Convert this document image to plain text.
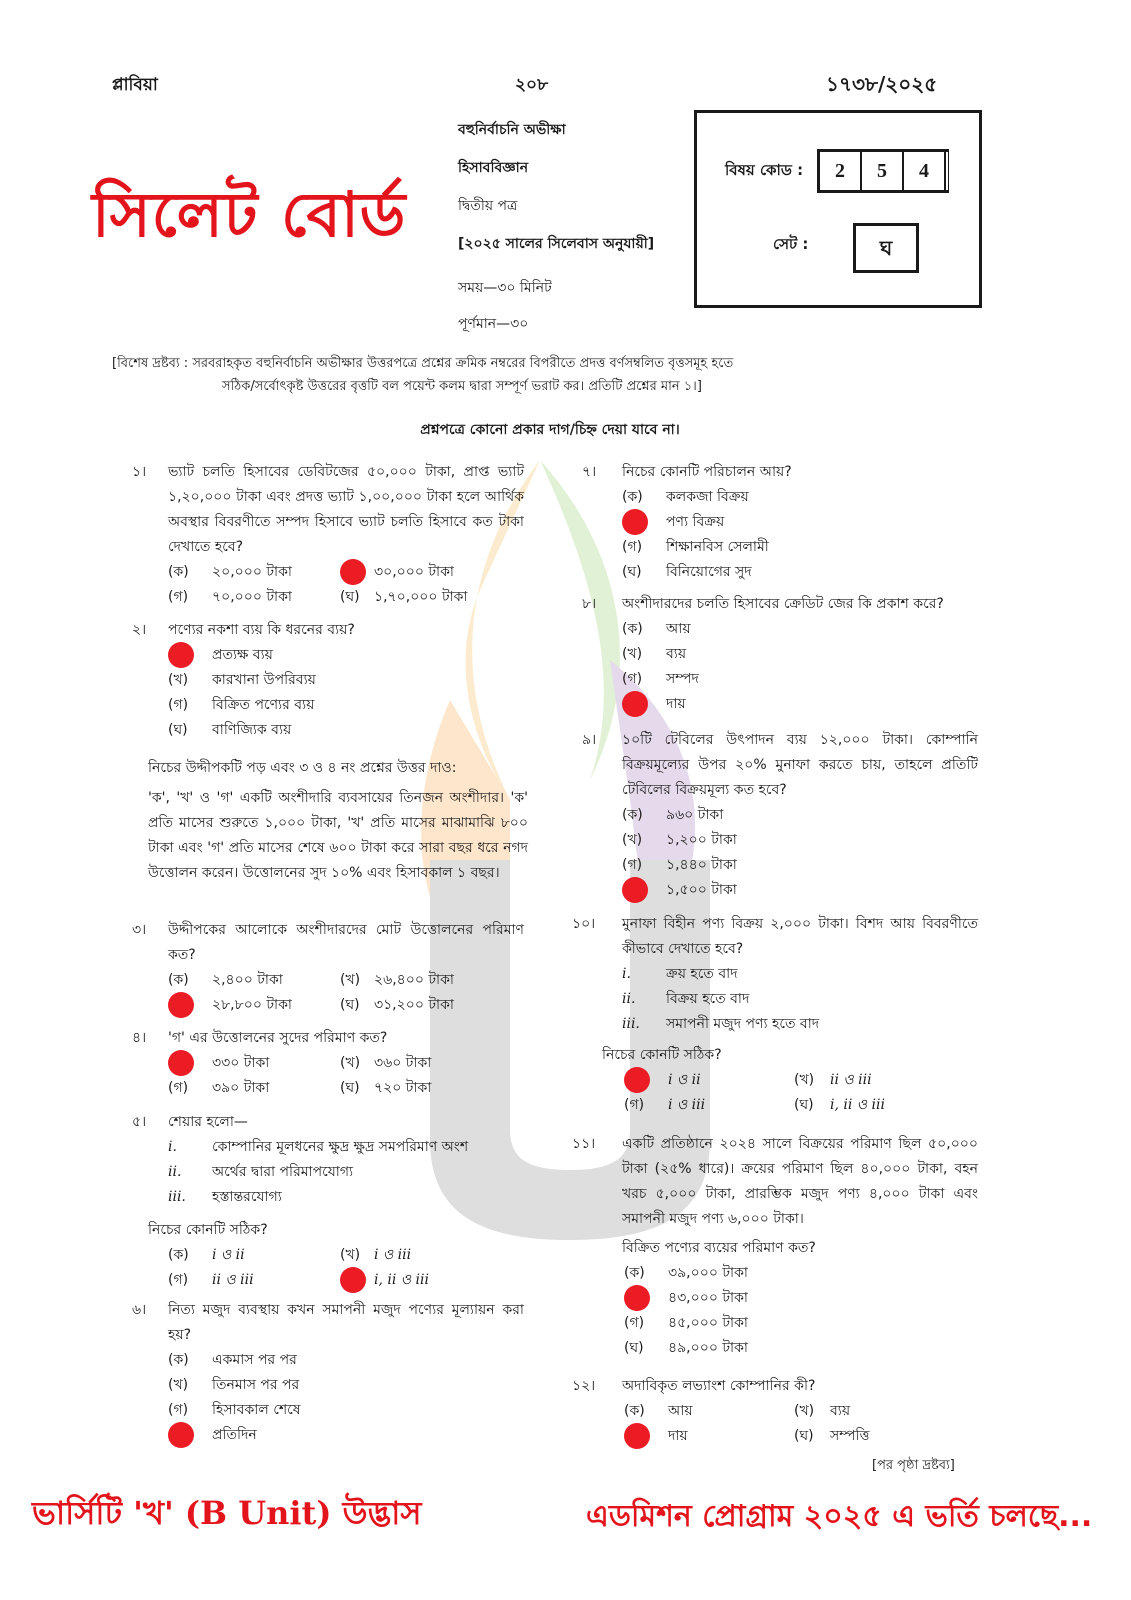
প্লাবিয়া	২০৮	১৭৩৮/২০২৫
সিলেট বোর্ড
বহুনির্বাচনি অভীক্ষা
হিসাববিজ্ঞান
দ্বিতীয় পত্র
[২০২৫ সালের সিলেবাস অনুযায়ী]
সময়—৩০ মিনিট
পূর্ণমান—৩০
বিষয় কোড :	2	5	4
সেট :	ঘ
[বিশেষ দ্রষ্টব্য : সরবরাহকৃত বহুনির্বাচনি অভীক্ষার উত্তরপত্রে প্রশ্নের ক্রমিক নম্বরের বিপরীতে প্রদত্ত বর্ণসম্বলিত বৃত্তসমূহ হতে
সঠিক/সর্বোৎকৃষ্ট উত্তরের বৃত্তটি বল পয়েন্ট কলম দ্বারা সম্পূর্ণ ভরাট কর। প্রতিটি প্রশ্নের মান ১।]
প্রশ্নপত্রে কোনো প্রকার দাগ/চিহ্ন দেয়া যাবে না।
১।	ভ্যাট চলতি হিসাবের ডেবিটজের ৫০,০০০ টাকা, প্রাপ্ত ভ্যাট ১,২০,০০০ টাকা এবং প্রদত্ত ভ্যাট ১,০০,০০০ টাকা হলে আর্থিক অবস্থার বিবরণীতে সম্পদ হিসাবে ভ্যাট চলতি হিসাবে কত টাকা দেখাতে হবে?
(ক)	২০,০০০ টাকা	৩০,০০০ টাকা
(গ)	৭০,০০০ টাকা	(ঘ)	১,৭০,০০০ টাকা
২।	পণ্যের নকশা ব্যয় কি ধরনের ব্যয়?
প্রত্যক্ষ ব্যয়
(খ)	কারখানা উপরিব্যয়
(গ)	বিক্রিত পণ্যের ব্যয়
(ঘ)	বাণিজ্যিক ব্যয়
নিচের উদ্দীপকটি পড় এবং ৩ ও ৪ নং প্রশ্নের উত্তর দাও:
'ক', 'খ' ও 'গ' একটি অংশীদারি ব্যবসায়ের তিনজন অংশীদার। 'ক' প্রতি মাসের শুরুতে ১,০০০ টাকা, 'খ' প্রতি মাসের মাঝামাঝি ৮০০ টাকা এবং 'গ' প্রতি মাসের শেষে ৬০০ টাকা করে সারা বছর ধরে নগদ উত্তোলন করেন। উত্তোলনের সুদ ১০% এবং হিসাবকাল ১ বছর।
৩।	উদ্দীপকের আলোকে অংশীদারদের মোট উত্তোলনের পরিমাণ কত?
(ক)	২,৪০০ টাকা	(খ) ২৬,৪০০ টাকা
২৮,৮০০ টাকা	(ঘ)	৩১,২০০ টাকা
৪।	'গ' এর উত্তোলনের সুদের পরিমাণ কত?
৩৩০ টাকা	(খ) ৩৬০ টাকা
(গ)	৩৯০ টাকা	(ঘ)	৭২০ টাকা
৫।	শেয়ার হলো—
i.	কোম্পানির মূলধনের ক্ষুদ্র ক্ষুদ্র সমপরিমাণ অংশ
ii.	অর্থের দ্বারা পরিমাপযোগ্য
iii.	হস্তান্তরযোগ্য
নিচের কোনটি সঠিক?
(ক)	i ও ii	(খ) i ও iii
(গ)	ii ও iii	i, ii ও iii
৬।	নিত্য মজুদ ব্যবস্থায় কখন সমাপনী মজুদ পণ্যের মূল্যায়ন করা হয়?
(ক)	একমাস পর পর
(খ)	তিনমাস পর পর
(গ)	হিসাবকাল শেষে
প্রতিদিন
৭।	নিচের কোনটি পরিচালন আয়?
(ক)	কলকজা বিক্রয়
পণ্য বিক্রয়
(গ)	শিক্ষানবিস সেলামী
(ঘ)	বিনিয়োগের সুদ
৮।	অংশীদারদের চলতি হিসাবের ক্রেডিট জের কি প্রকাশ করে?
(ক)	আয়
(খ)	ব্যয়
(গ)	সম্পদ
দায়
৯।	১০টি টেবিলের উৎপাদন ব্যয় ১২,০০০ টাকা। কোম্পানি বিক্রয়মূল্যের উপর ২০% মুনাফা করতে চায়, তাহলে প্রতিটি টেবিলের বিক্রয়মূল্য কত হবে?
(ক)	৯৬০ টাকা
(খ)	১,২০০ টাকা
(গ)	১,৪৪০ টাকা
১,৫০০ টাকা
১০।	মুনাফা বিহীন পণ্য বিক্রয় ২,০০০ টাকা। বিশদ আয় বিবরণীতে কীভাবে দেখাতে হবে?
i.	ক্রয় হতে বাদ
ii.	বিক্রয় হতে বাদ
iii.	সমাপনী মজুদ পণ্য হতে বাদ
নিচের কোনটি সঠিক?
i ও ii	(খ)	ii ও iii
(গ)	i ও iii	(ঘ)	i, ii ও iii
১১।	একটি প্রতিষ্ঠানে ২০২৪ সালে বিক্রয়ের পরিমাণ ছিল ৫০,০০০ টাকা (২৫% ধারে)। ক্রয়ের পরিমাণ ছিল ৪০,০০০ টাকা, বহন খরচ ৫,০০০ টাকা, প্রারম্ভিক মজুদ পণ্য ৪,০০০ টাকা এবং সমাপনী মজুদ পণ্য ৬,০০০ টাকা।
বিক্রিত পণ্যের ব্যয়ের পরিমাণ কত?
(ক)	৩৯,০০০ টাকা
৪৩,০০০ টাকা
(গ)	৪৫,০০০ টাকা
(ঘ)	৪৯,০০০ টাকা
১২।	অদাবিকৃত লভ্যাংশ কোম্পানির কী?
(ক)	আয়	(খ)	ব্যয়
দায়	(ঘ)	সম্পত্তি
[পর পৃষ্ঠা দ্রষ্টব্য]
ভার্সিটি 'খ' (B Unit) উদ্ভাস	এডমিশন প্রোগ্রাম ২০২৫ এ ভর্তি চলছে...
